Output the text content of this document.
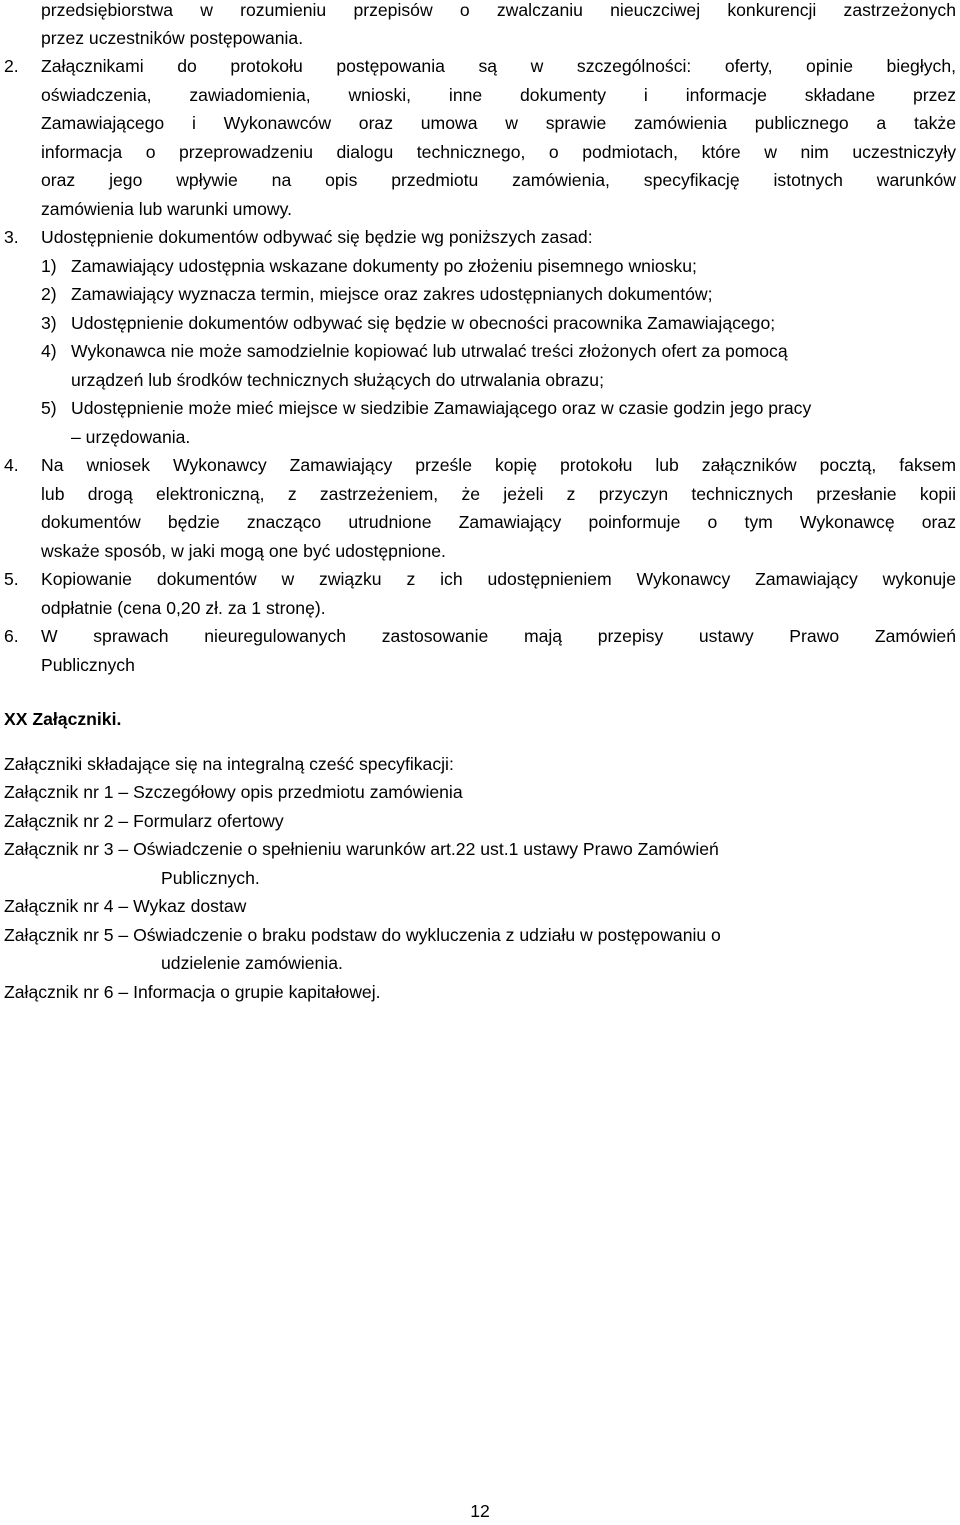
przedsiębiorstwa w rozumieniu przepisów o zwalczaniu nieuczciwej konkurencji zastrzeżonych
przez uczestników postępowania.
2. Załącznikami do protokołu postępowania są w szczególności: oferty, opinie biegłych,
oświadczenia, zawiadomienia, wnioski, inne dokumenty i informacje składane przez
Zamawiającego i Wykonawców oraz umowa w sprawie zamówienia publicznego a także
informacja o przeprowadzeniu dialogu technicznego, o podmiotach, które w nim uczestniczyły
oraz jego wpływie na opis przedmiotu zamówienia, specyfikację istotnych warunków
zamówienia lub warunki umowy.
3. Udostępnienie dokumentów odbywać się będzie wg poniższych zasad:
1) Zamawiający udostępnia wskazane dokumenty po złożeniu pisemnego wniosku;
2) Zamawiający wyznacza termin, miejsce oraz zakres udostępnianych dokumentów;
3) Udostępnienie dokumentów odbywać się będzie w obecności pracownika Zamawiającego;
4) Wykonawca nie może samodzielnie kopiować lub utrwalać treści złożonych ofert za pomocą
urządzeń lub środków technicznych służących do utrwalania obrazu;
5) Udostępnienie może mieć miejsce w siedzibie Zamawiającego oraz w czasie godzin jego pracy
– urzędowania.
4. Na wniosek Wykonawcy Zamawiający prześle kopię protokołu lub załączników pocztą, faksem
lub drogą elektroniczną, z zastrzeżeniem, że jeżeli z przyczyn technicznych przesłanie kopii
dokumentów będzie znacząco utrudnione Zamawiający poinformuje o tym Wykonawcę oraz
wskaże sposób, w jaki mogą one być udostępnione.
5. Kopiowanie dokumentów w związku z ich udostępnieniem Wykonawcy Zamawiający wykonuje
odpłatnie (cena 0,20 zł. za 1 stronę).
6. W sprawach nieuregulowanych zastosowanie mają przepisy ustawy Prawo Zamówień
Publicznych
XX Załączniki.
Załączniki składające się na integralną cześć specyfikacji:
Załącznik nr 1 – Szczegółowy opis przedmiotu zamówienia
Załącznik nr 2 – Formularz ofertowy
Załącznik nr 3 – Oświadczenie o spełnieniu warunków art.22 ust.1 ustawy Prawo Zamówień
Publicznych.
Załącznik nr 4 – Wykaz dostaw
Załącznik nr 5 – Oświadczenie o braku podstaw do wykluczenia z udziału w postępowaniu o
udzielenie zamówienia.
Załącznik nr 6 – Informacja o grupie kapitałowej.
12
